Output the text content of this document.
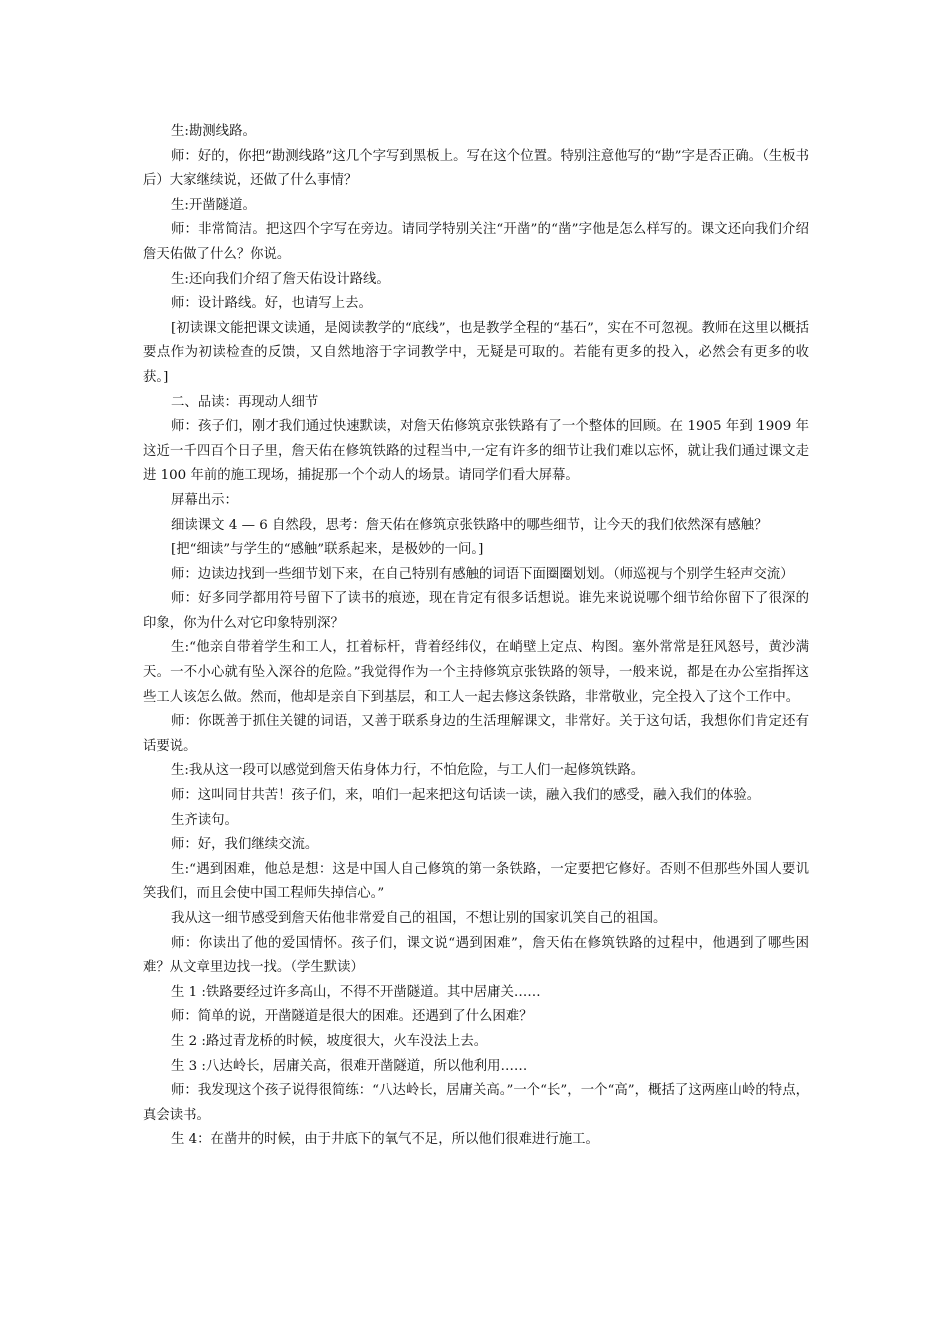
生:勘测线路。

师：好的，你把“勘测线路”这几个字写到黑板上。写在这个位置。特别注意他写的“勘”字是否正确。（生板书后）大家继续说，还做了什么事情？

生:开凿隧道。

师：非常简洁。把这四个字写在旁边。请同学特别关注“开凿”的“凿”字他是怎么样写的。课文还向我们介绍詹天佑做了什么？你说。

生:还向我们介绍了詹天佑设计路线。

师：设计路线。好，也请写上去。

[初读课文能把课文读通，是阅读教学的“底线”，也是教学全程的“基石”，实在不可忽视。教师在这里以概括要点作为初读检查的反馈，又自然地溶于字词教学中，无疑是可取的。若能有更多的投入，必然会有更多的收获。]

二、品读：再现动人细节

师：孩子们，刚才我们通过快速默读，对詹天佑修筑京张铁路有了一个整体的回顾。在 1905 年到 1909 年这近一千四百个日子里，詹天佑在修筑铁路的过程当中,一定有许多的细节让我们难以忘怀，就让我们通过课文走进 100 年前的施工现场，捕捉那一个个动人的场景。请同学们看大屏幕。

屏幕出示：

细读课文 4 — 6 自然段，思考：詹天佑在修筑京张铁路中的哪些细节，让今天的我们依然深有感触？

[把“细读”与学生的“感触”联系起来，是极妙的一问。]

师：边读边找到一些细节划下来，在自己特别有感触的词语下面圈圈划划。（师巡视与个别学生轻声交流）

师：好多同学都用符号留下了读书的痕迹，现在肯定有很多话想说。谁先来说说哪个细节给你留下了很深的印象，你为什么对它印象特别深？

生:“他亲自带着学生和工人，扛着标杆，背着经纬仪，在峭壁上定点、构图。塞外常常是狂风怒号，黄沙满天。一不小心就有坠入深谷的危险。”我觉得作为一个主持修筑京张铁路的领导，一般来说，都是在办公室指挥这些工人该怎么做。然而，他却是亲自下到基层，和工人一起去修这条铁路，非常敬业，完全投入了这个工作中。

师：你既善于抓住关键的词语，又善于联系身边的生活理解课文，非常好。关于这句话，我想你们肯定还有话要说。

生:我从这一段可以感觉到詹天佑身体力行，不怕危险，与工人们一起修筑铁路。

师：这叫同甘共苦！孩子们，来，咱们一起来把这句话读一读，融入我们的感受，融入我们的体验。

生齐读句。

师：好，我们继续交流。

生:“遇到困难，他总是想：这是中国人自己修筑的第一条铁路，一定要把它修好。否则不但那些外国人要讥笑我们，而且会使中国工程师失掉信心。”

我从这一细节感受到詹天佑他非常爱自己的祖国，不想让别的国家讥笑自己的祖国。

师：你读出了他的爱国情怀。孩子们，课文说“遇到困难”，詹天佑在修筑铁路的过程中，他遇到了哪些困难？从文章里边找一找。（学生默读）

生 1 :铁路要经过许多高山，不得不开凿隧道。其中居庸关……

师：简单的说，开凿隧道是很大的困难。还遇到了什么困难？

生 2 :路过青龙桥的时候，坡度很大，火车没法上去。

生 3 :八达岭长，居庸关高，很难开凿隧道，所以他利用……

师：我发现这个孩子说得很简练：“八达岭长，居庸关高。”一个“长”，一个“高”，概括了这两座山岭的特点，真会读书。

生 4：在凿井的时候，由于井底下的氧气不足，所以他们很难进行施工。
